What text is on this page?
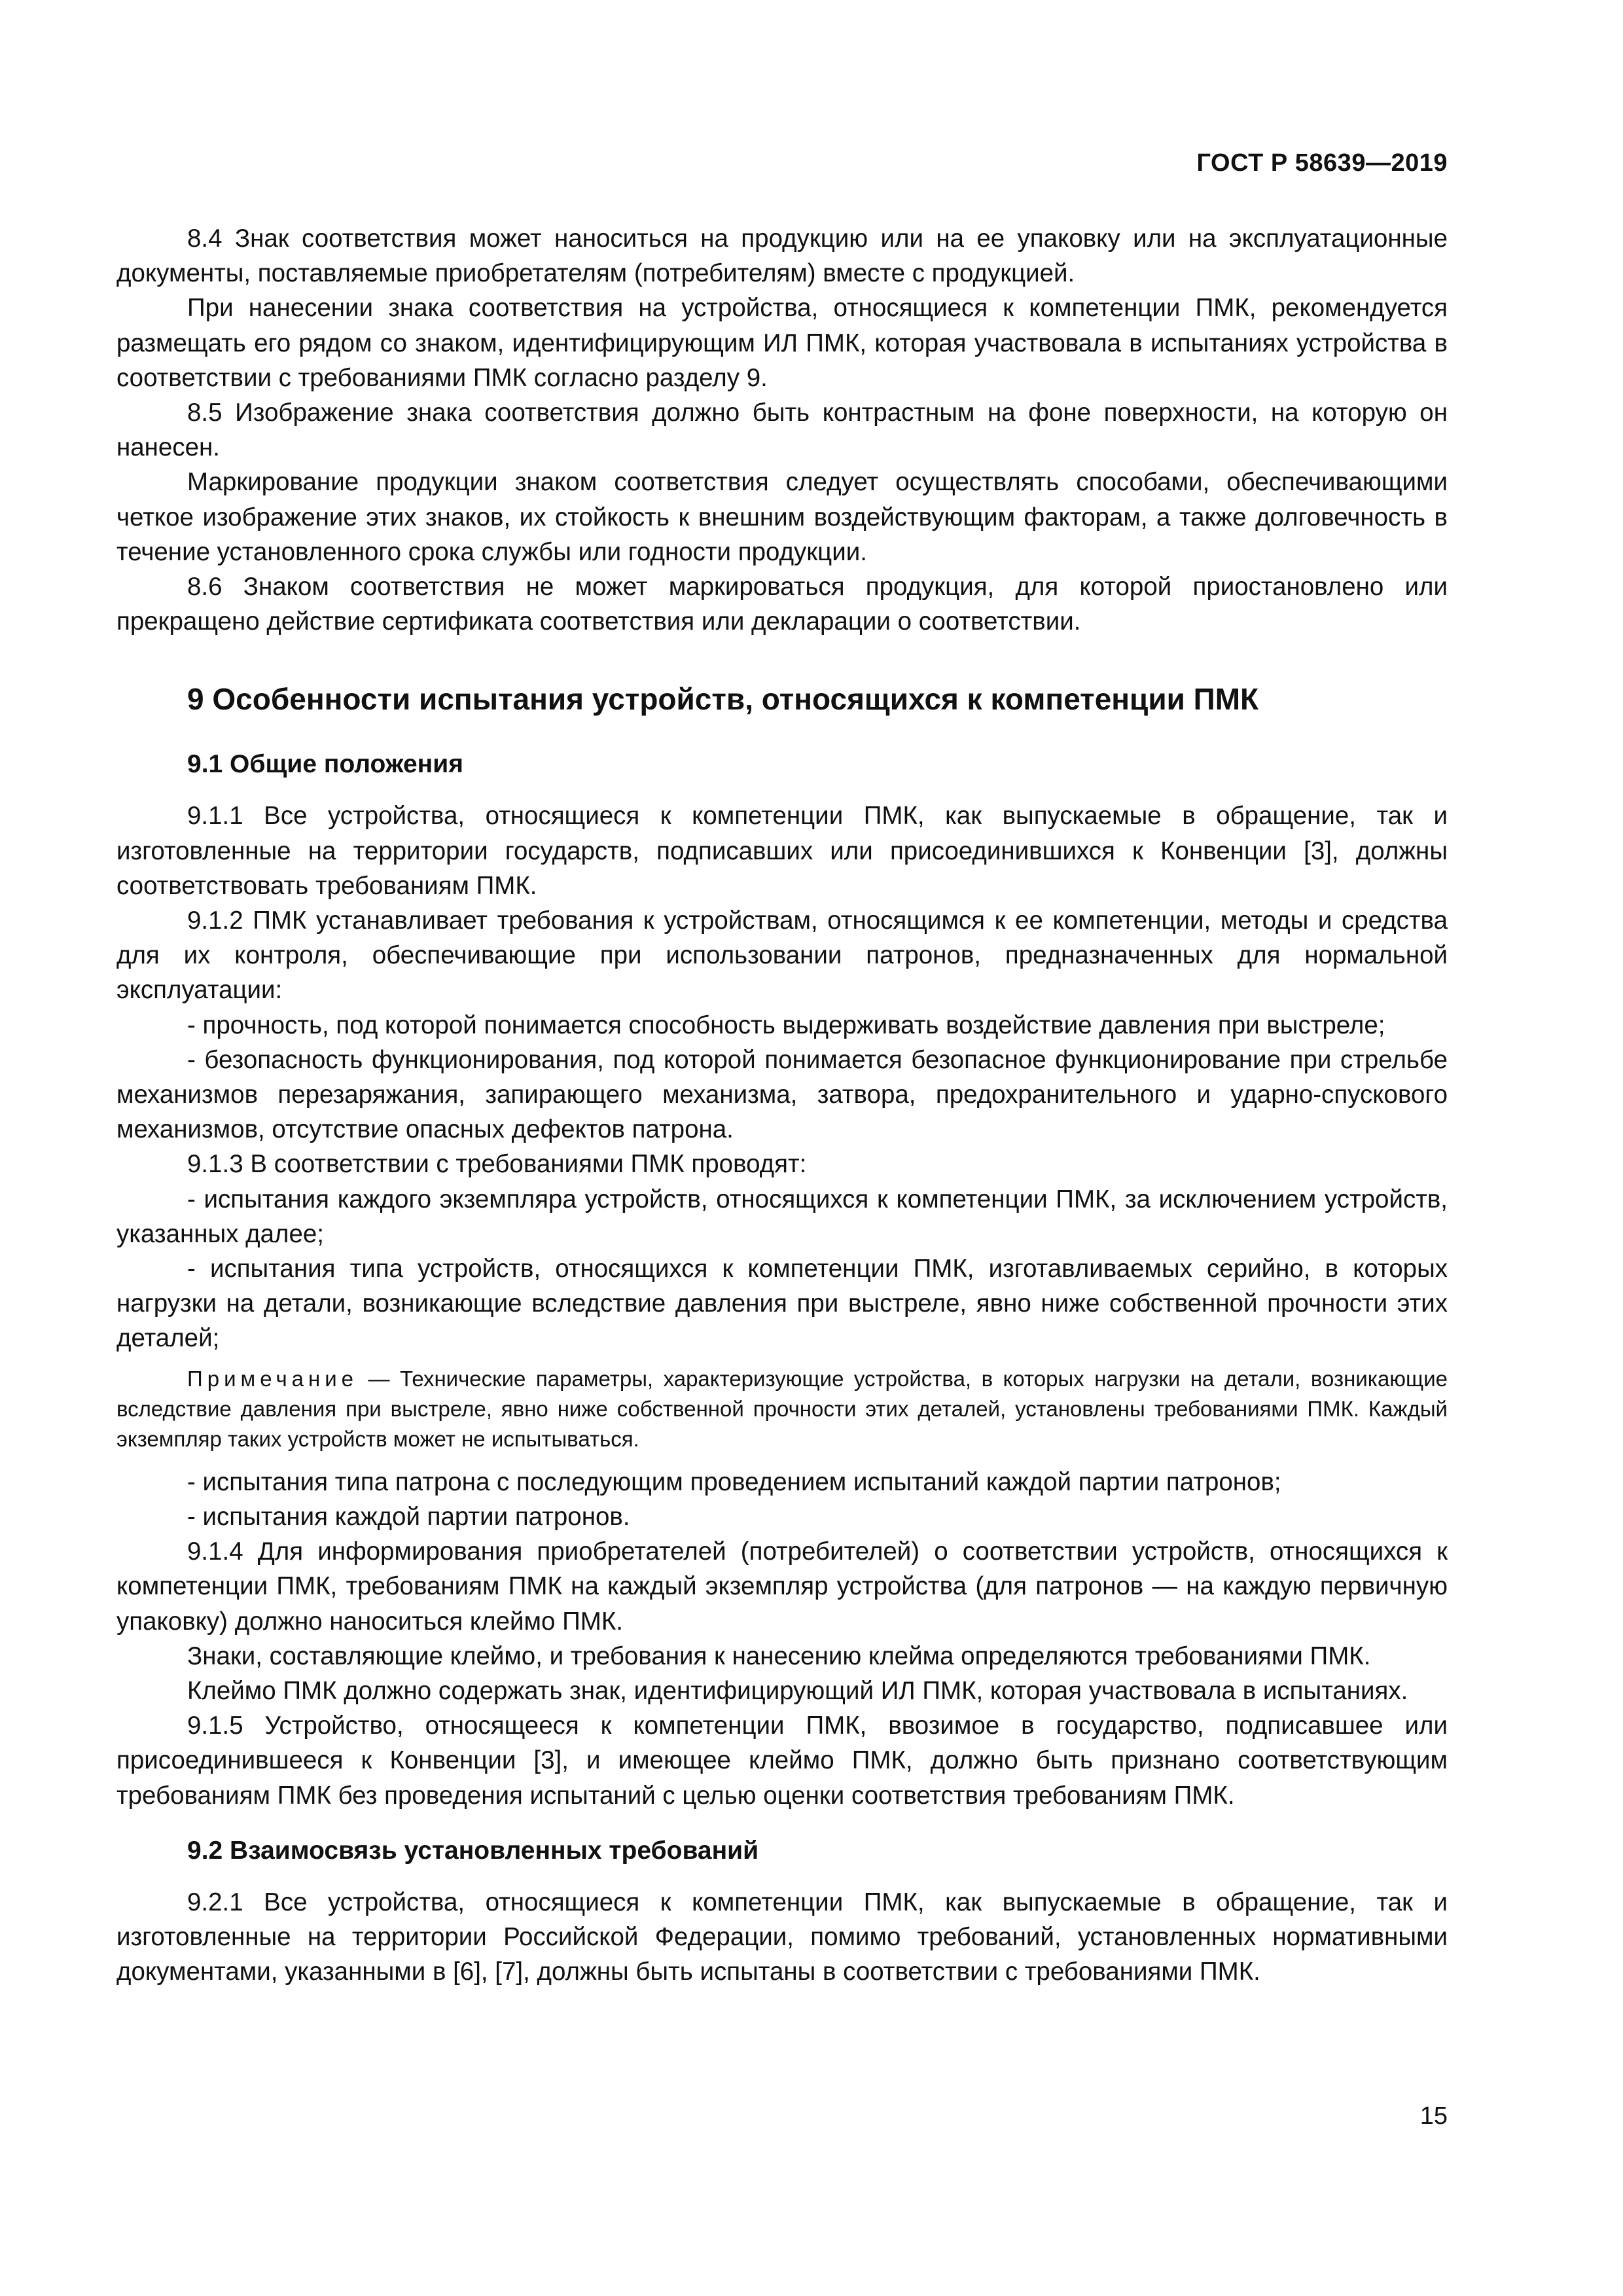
ГОСТ Р 58639—2019

8.4 Знак соответствия может наноситься на продукцию или на ее упаковку или на эксплуатационные документы, поставляемые приобретателям (потребителям) вместе с продукцией.

При нанесении знака соответствия на устройства, относящиеся к компетенции ПМК, рекомендуется размещать его рядом со знаком, идентифицирующим ИЛ ПМК, которая участвовала в испытаниях устройства в соответствии с требованиями ПМК согласно разделу 9.

8.5 Изображение знака соответствия должно быть контрастным на фоне поверхности, на которую он нанесен.

Маркирование продукции знаком соответствия следует осуществлять способами, обеспечивающими четкое изображение этих знаков, их стойкость к внешним воздействующим факторам, а также долговечность в течение установленного срока службы или годности продукции.

8.6 Знаком соответствия не может маркироваться продукция, для которой приостановлено или прекращено действие сертификата соответствия или декларации о соответствии.

9 Особенности испытания устройств, относящихся к компетенции ПМК
9.1 Общие положения

9.1.1 Все устройства, относящиеся к компетенции ПМК, как выпускаемые в обращение, так и изготовленные на территории государств, подписавших или присоединившихся к Конвенции [3], должны соответствовать требованиям ПМК.

9.1.2 ПМК устанавливает требования к устройствам, относящимся к ее компетенции, методы и средства для их контроля, обеспечивающие при использовании патронов, предназначенных для нормальной эксплуатации:

- прочность, под которой понимается способность выдерживать воздействие давления при выстреле;

- безопасность функционирования, под которой понимается безопасное функционирование при стрельбе механизмов перезаряжания, запирающего механизма, затвора, предохранительного и ударно-спускового механизмов, отсутствие опасных дефектов патрона.

9.1.3 В соответствии с требованиями ПМК проводят:

- испытания каждого экземпляра устройств, относящихся к компетенции ПМК, за исключением устройств, указанных далее;

- испытания типа устройств, относящихся к компетенции ПМК, изготавливаемых серийно, в которых нагрузки на детали, возникающие вследствие давления при выстреле, явно ниже собственной прочности этих деталей;

Примечание — Технические параметры, характеризующие устройства, в которых нагрузки на детали, возникающие вследствие давления при выстреле, явно ниже собственной прочности этих деталей, установлены требованиями ПМК. Каждый экземпляр таких устройств может не испытываться.

- испытания типа патрона с последующим проведением испытаний каждой партии патронов;

- испытания каждой партии патронов.

9.1.4 Для информирования приобретателей (потребителей) о соответствии устройств, относящихся к компетенции ПМК, требованиям ПМК на каждый экземпляр устройства (для патронов — на каждую первичную упаковку) должно наноситься клеймо ПМК.

Знаки, составляющие клеймо, и требования к нанесению клейма определяются требованиями ПМК.

Клеймо ПМК должно содержать знак, идентифицирующий ИЛ ПМК, которая участвовала в испытаниях.

9.1.5 Устройство, относящееся к компетенции ПМК, ввозимое в государство, подписавшее или присоединившееся к Конвенции [3], и имеющее клеймо ПМК, должно быть признано соответствующим требованиям ПМК без проведения испытаний с целью оценки соответствия требованиям ПМК.

9.2 Взаимосвязь установленных требований

9.2.1 Все устройства, относящиеся к компетенции ПМК, как выпускаемые в обращение, так и изготовленные на территории Российской Федерации, помимо требований, установленных нормативными документами, указанными в [6], [7], должны быть испытаны в соответствии с требованиями ПМК.

15
